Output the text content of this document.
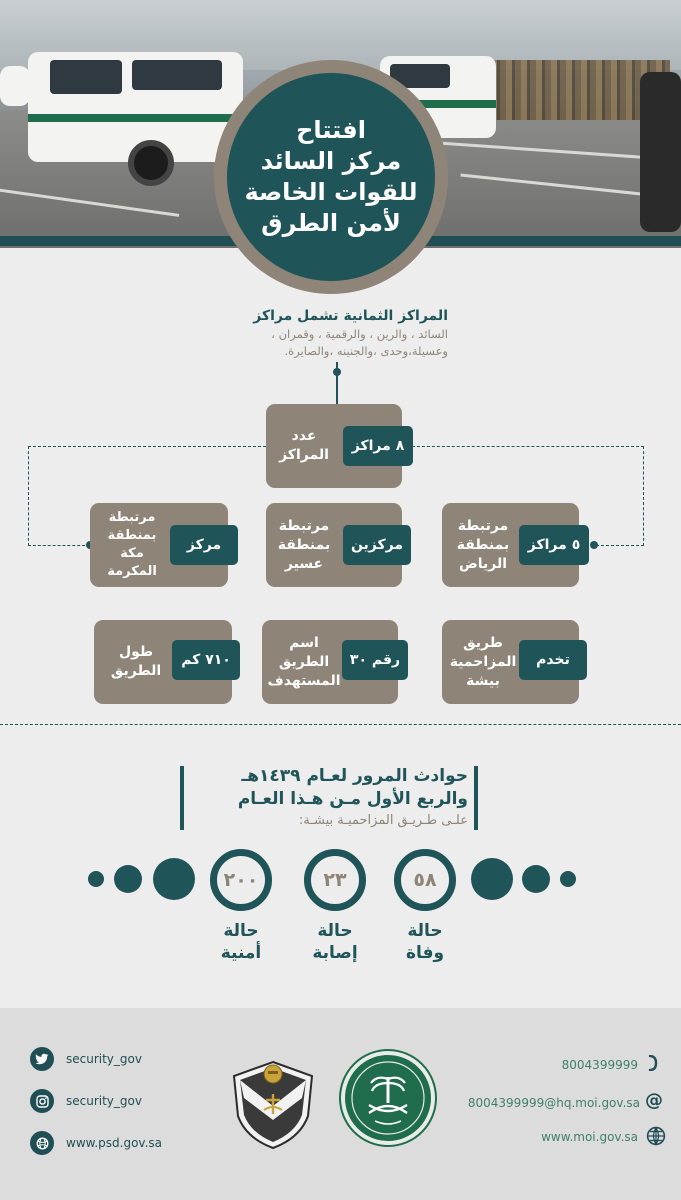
افتتاح
مركز السائد
للقوات الخاصة
لأمن الطرق
المراكز الثمانية تشمل مراكز
السائد ، والرين ، والرقمية ، وقمران ،
وعسيلة،وحدى ،والجنينه ،والصايرة.
عدد
المراكز
٨ مراكز
مرتبطة
بمنطقة
الرياض
٥ مراكز
مرتبطة
بمنطقة
عسير
مركزين
مرتبطة
بمنطقة
مكة
المكرمة
مركز
طريق
المزاحمية
بيشة
تخدم
اسم
الطريق
المستهدف
رقم ٣٠
طول
الطريق
٧١٠ كم
حوادث المرور لعـام ١٤٣٩هـ
والربع الأول مـن هـذا العـام
علـى طـريـق المزاحميـة بيشـة:
٥٨
٢٣
٢٠٠
حالة
وفاة
حالة
إصابة
حالة
أمنية
security_gov
security_gov
www.psd.gov.sa
8004399999
@
8004399999@hq.moi.gov.sa
www.moi.gov.sa
